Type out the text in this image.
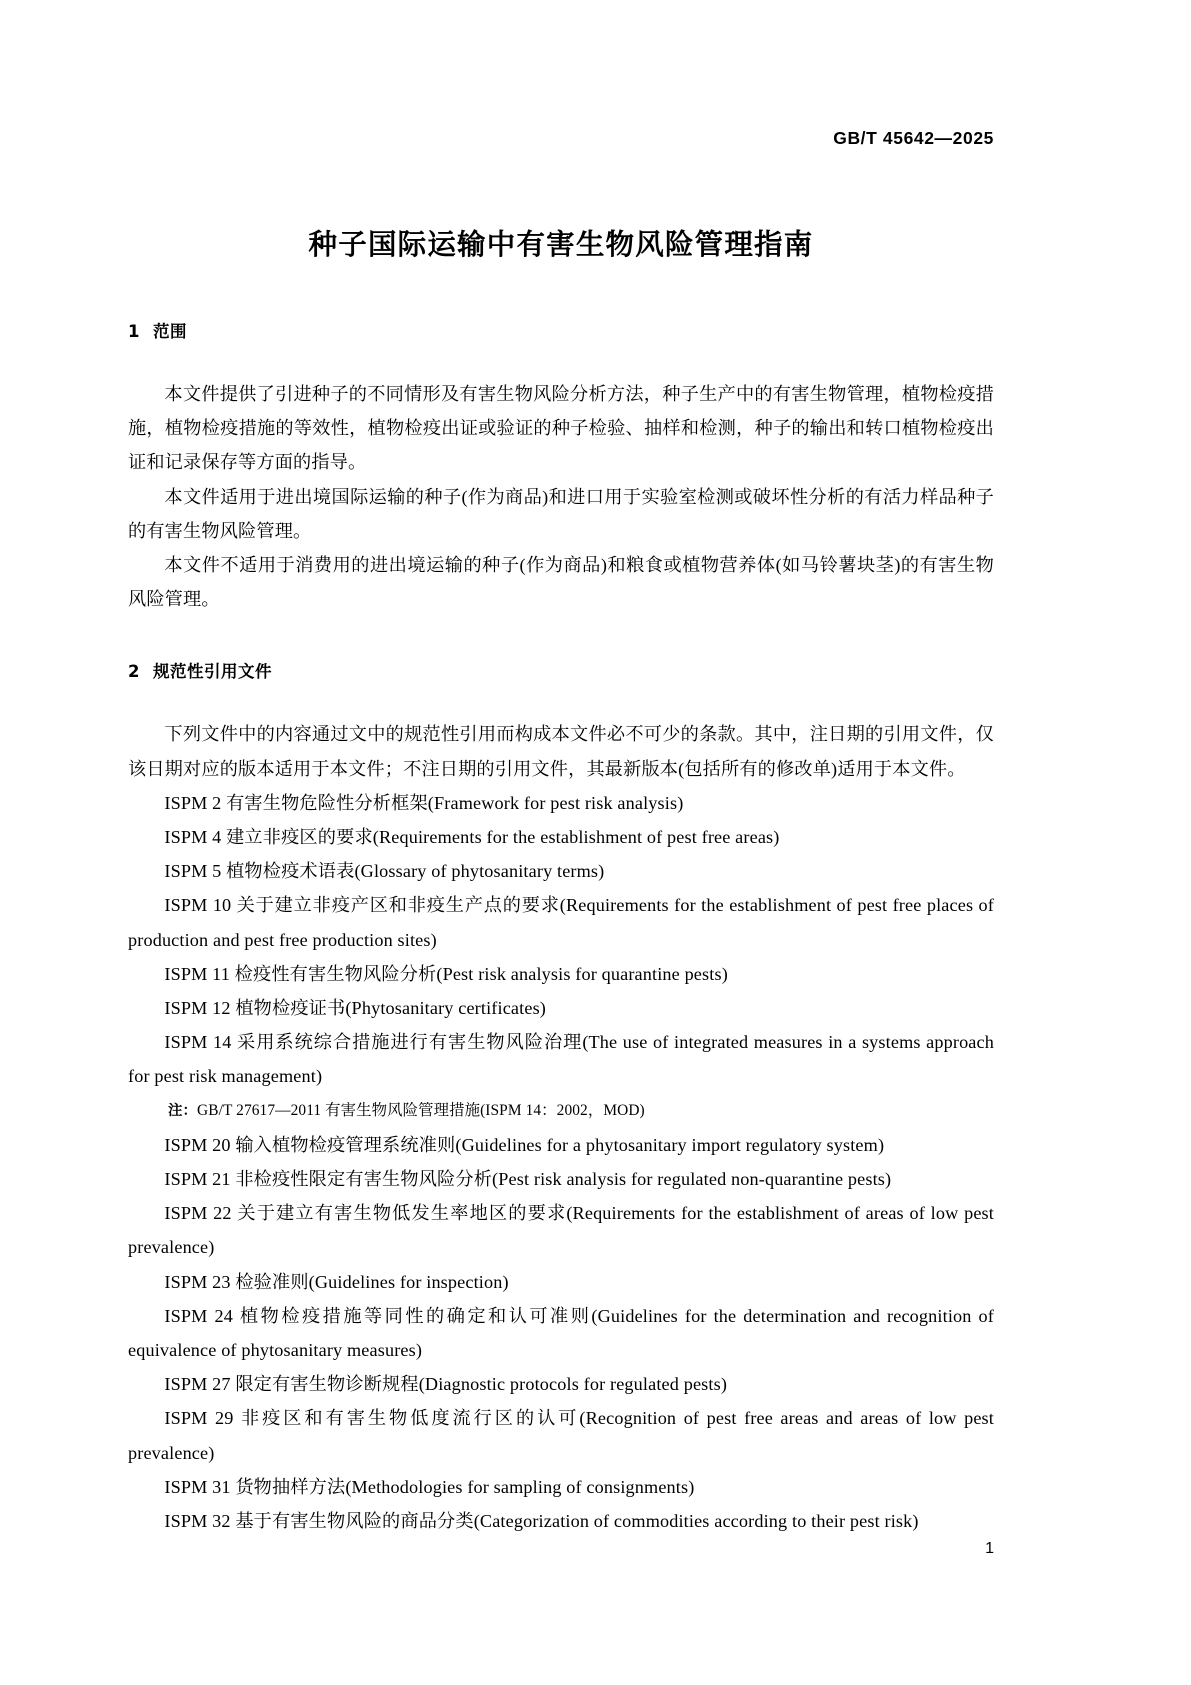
GB/T 45642—2025
种子国际运输中有害生物风险管理指南
1 范围

本文件提供了引进种子的不同情形及有害生物风险分析方法，种子生产中的有害生物管理，植物检疫措施，植物检疫措施的等效性，植物检疫出证或验证的种子检验、抽样和检测，种子的输出和转口植物检疫出证和记录保存等方面的指导。

本文件适用于进出境国际运输的种子(作为商品)和进口用于实验室检测或破坏性分析的有活力样品种子的有害生物风险管理。

本文件不适用于消费用的进出境运输的种子(作为商品)和粮食或植物营养体(如马铃薯块茎)的有害生物风险管理。

2 规范性引用文件

下列文件中的内容通过文中的规范性引用而构成本文件必不可少的条款。其中，注日期的引用文件，仅该日期对应的版本适用于本文件；不注日期的引用文件，其最新版本(包括所有的修改单)适用于本文件。

ISPM 2 有害生物危险性分析框架(Framework for pest risk analysis)

ISPM 4 建立非疫区的要求(Requirements for the establishment of pest free areas)

ISPM 5 植物检疫术语表(Glossary of phytosanitary terms)

ISPM 10 关于建立非疫产区和非疫生产点的要求(Requirements for the establishment of pest free places of production and pest free production sites)

ISPM 11 检疫性有害生物风险分析(Pest risk analysis for quarantine pests)

ISPM 12 植物检疫证书(Phytosanitary certificates)

ISPM 14 采用系统综合措施进行有害生物风险治理(The use of integrated measures in a systems approach for pest risk management)

注：GB/T 27617—2011 有害生物风险管理措施(ISPM 14：2002，MOD)

ISPM 20 输入植物检疫管理系统准则(Guidelines for a phytosanitary import regulatory system)

ISPM 21 非检疫性限定有害生物风险分析(Pest risk analysis for regulated non-quarantine pests)

ISPM 22 关于建立有害生物低发生率地区的要求(Requirements for the establishment of areas of low pest prevalence)

ISPM 23 检验准则(Guidelines for inspection)

ISPM 24 植物检疫措施等同性的确定和认可准则(Guidelines for the determination and recognition of equivalence of phytosanitary measures)

ISPM 27 限定有害生物诊断规程(Diagnostic protocols for regulated pests)

ISPM 29 非疫区和有害生物低度流行区的认可(Recognition of pest free areas and areas of low pest prevalence)

ISPM 31 货物抽样方法(Methodologies for sampling of consignments)

ISPM 32 基于有害生物风险的商品分类(Categorization of commodities according to their pest risk)

1
